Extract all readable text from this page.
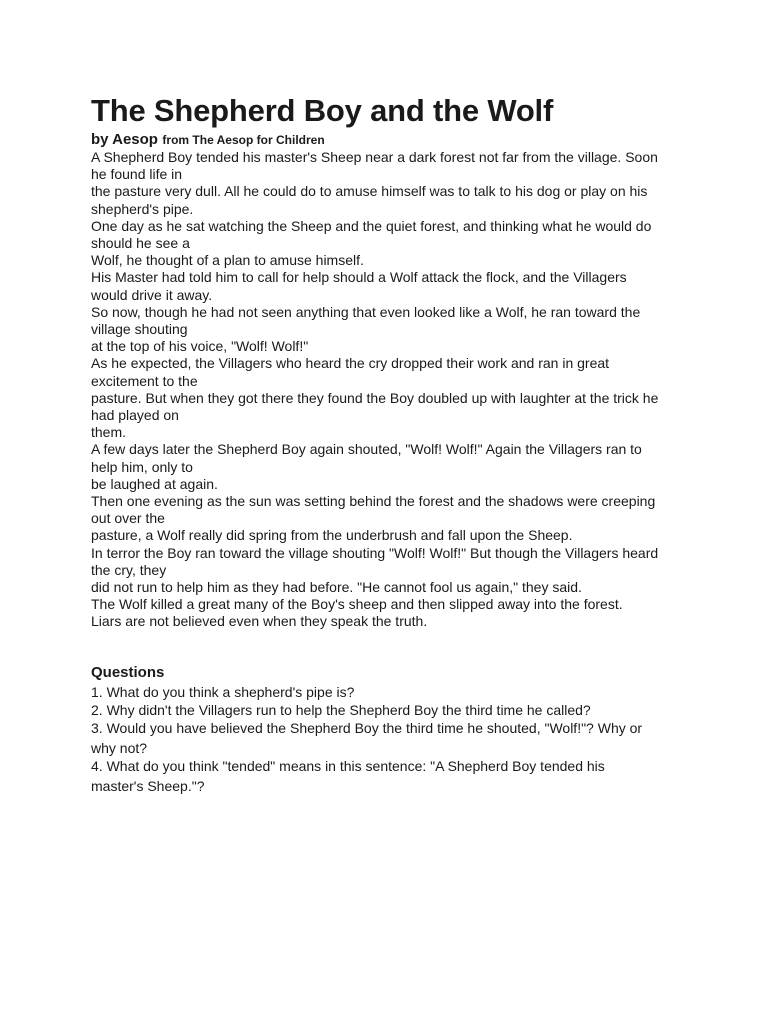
The Shepherd Boy and the Wolf
by Aesop from The Aesop for Children
A Shepherd Boy tended his master's Sheep near a dark forest not far from the village. Soon
he found life in
the pasture very dull. All he could do to amuse himself was to talk to his dog or play on his
shepherd's pipe.
One day as he sat watching the Sheep and the quiet forest, and thinking what he would do
should he see a
Wolf, he thought of a plan to amuse himself.
His Master had told him to call for help should a Wolf attack the flock, and the Villagers
would drive it away.
So now, though he had not seen anything that even looked like a Wolf, he ran toward the
village shouting
at the top of his voice, "Wolf! Wolf!"
As he expected, the Villagers who heard the cry dropped their work and ran in great
excitement to the
pasture. But when they got there they found the Boy doubled up with laughter at the trick he
had played on
them.
A few days later the Shepherd Boy again shouted, "Wolf! Wolf!" Again the Villagers ran to
help him, only to
be laughed at again.
Then one evening as the sun was setting behind the forest and the shadows were creeping
out over the
pasture, a Wolf really did spring from the underbrush and fall upon the Sheep.
In terror the Boy ran toward the village shouting "Wolf! Wolf!" But though the Villagers heard
the cry, they
did not run to help him as they had before. "He cannot fool us again," they said.
The Wolf killed a great many of the Boy's sheep and then slipped away into the forest.
Liars are not believed even when they speak the truth.
Questions
1. What do you think a shepherd's pipe is?
2. Why didn't the Villagers run to help the Shepherd Boy the third time he called?
3. Would you have believed the Shepherd Boy the third time he shouted, "Wolf!"? Why or
why not?
4. What do you think "tended" means in this sentence: "A Shepherd Boy tended his
master's Sheep."?
